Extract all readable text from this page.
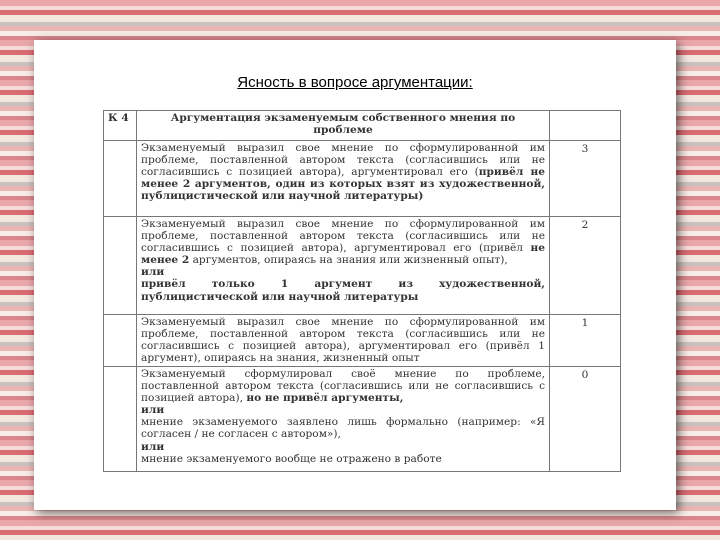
Ясность в вопросе аргументации:
К 4	Аргументация экзаменуемым собственного мнения по проблеме	
	Экзаменуемый выразил свое мнение по сформулированной им проблеме, поставленной автором текста (согласившись или не согласившись с позицией автора), аргументировал его (привёл не менее 2 аргументов, один из которых взят из художественной, публицистической или научной литературы)	3
	Экзаменуемый выразил свое мнение по сформулированной им проблеме, поставленной автором текста (согласившись или не согласившись с позицией автора), аргументировал его (привёл не менее 2 аргументов, опираясь на знания или жизненный опыт),
или
привёл только 1 аргумент из художественной, публицистической или научной литературы	2
	Экзаменуемый выразил свое мнение по сформулированной им проблеме, поставленной автором текста (согласившись или не согласившись с позицией автора), аргументировал его (привёл 1 аргумент), опираясь на знания, жизненный опыт	1
	Экзаменуемый сформулировал своё мнение по проблеме, поставленной автором текста (согласившись или не согласившись с позицией автора), но не привёл аргументы,
или
мнение экзаменуемого заявлено лишь формально (например: «Я согласен / не согласен с автором»),
или
мнение экзаменуемого вообще не отражено в работе	0
